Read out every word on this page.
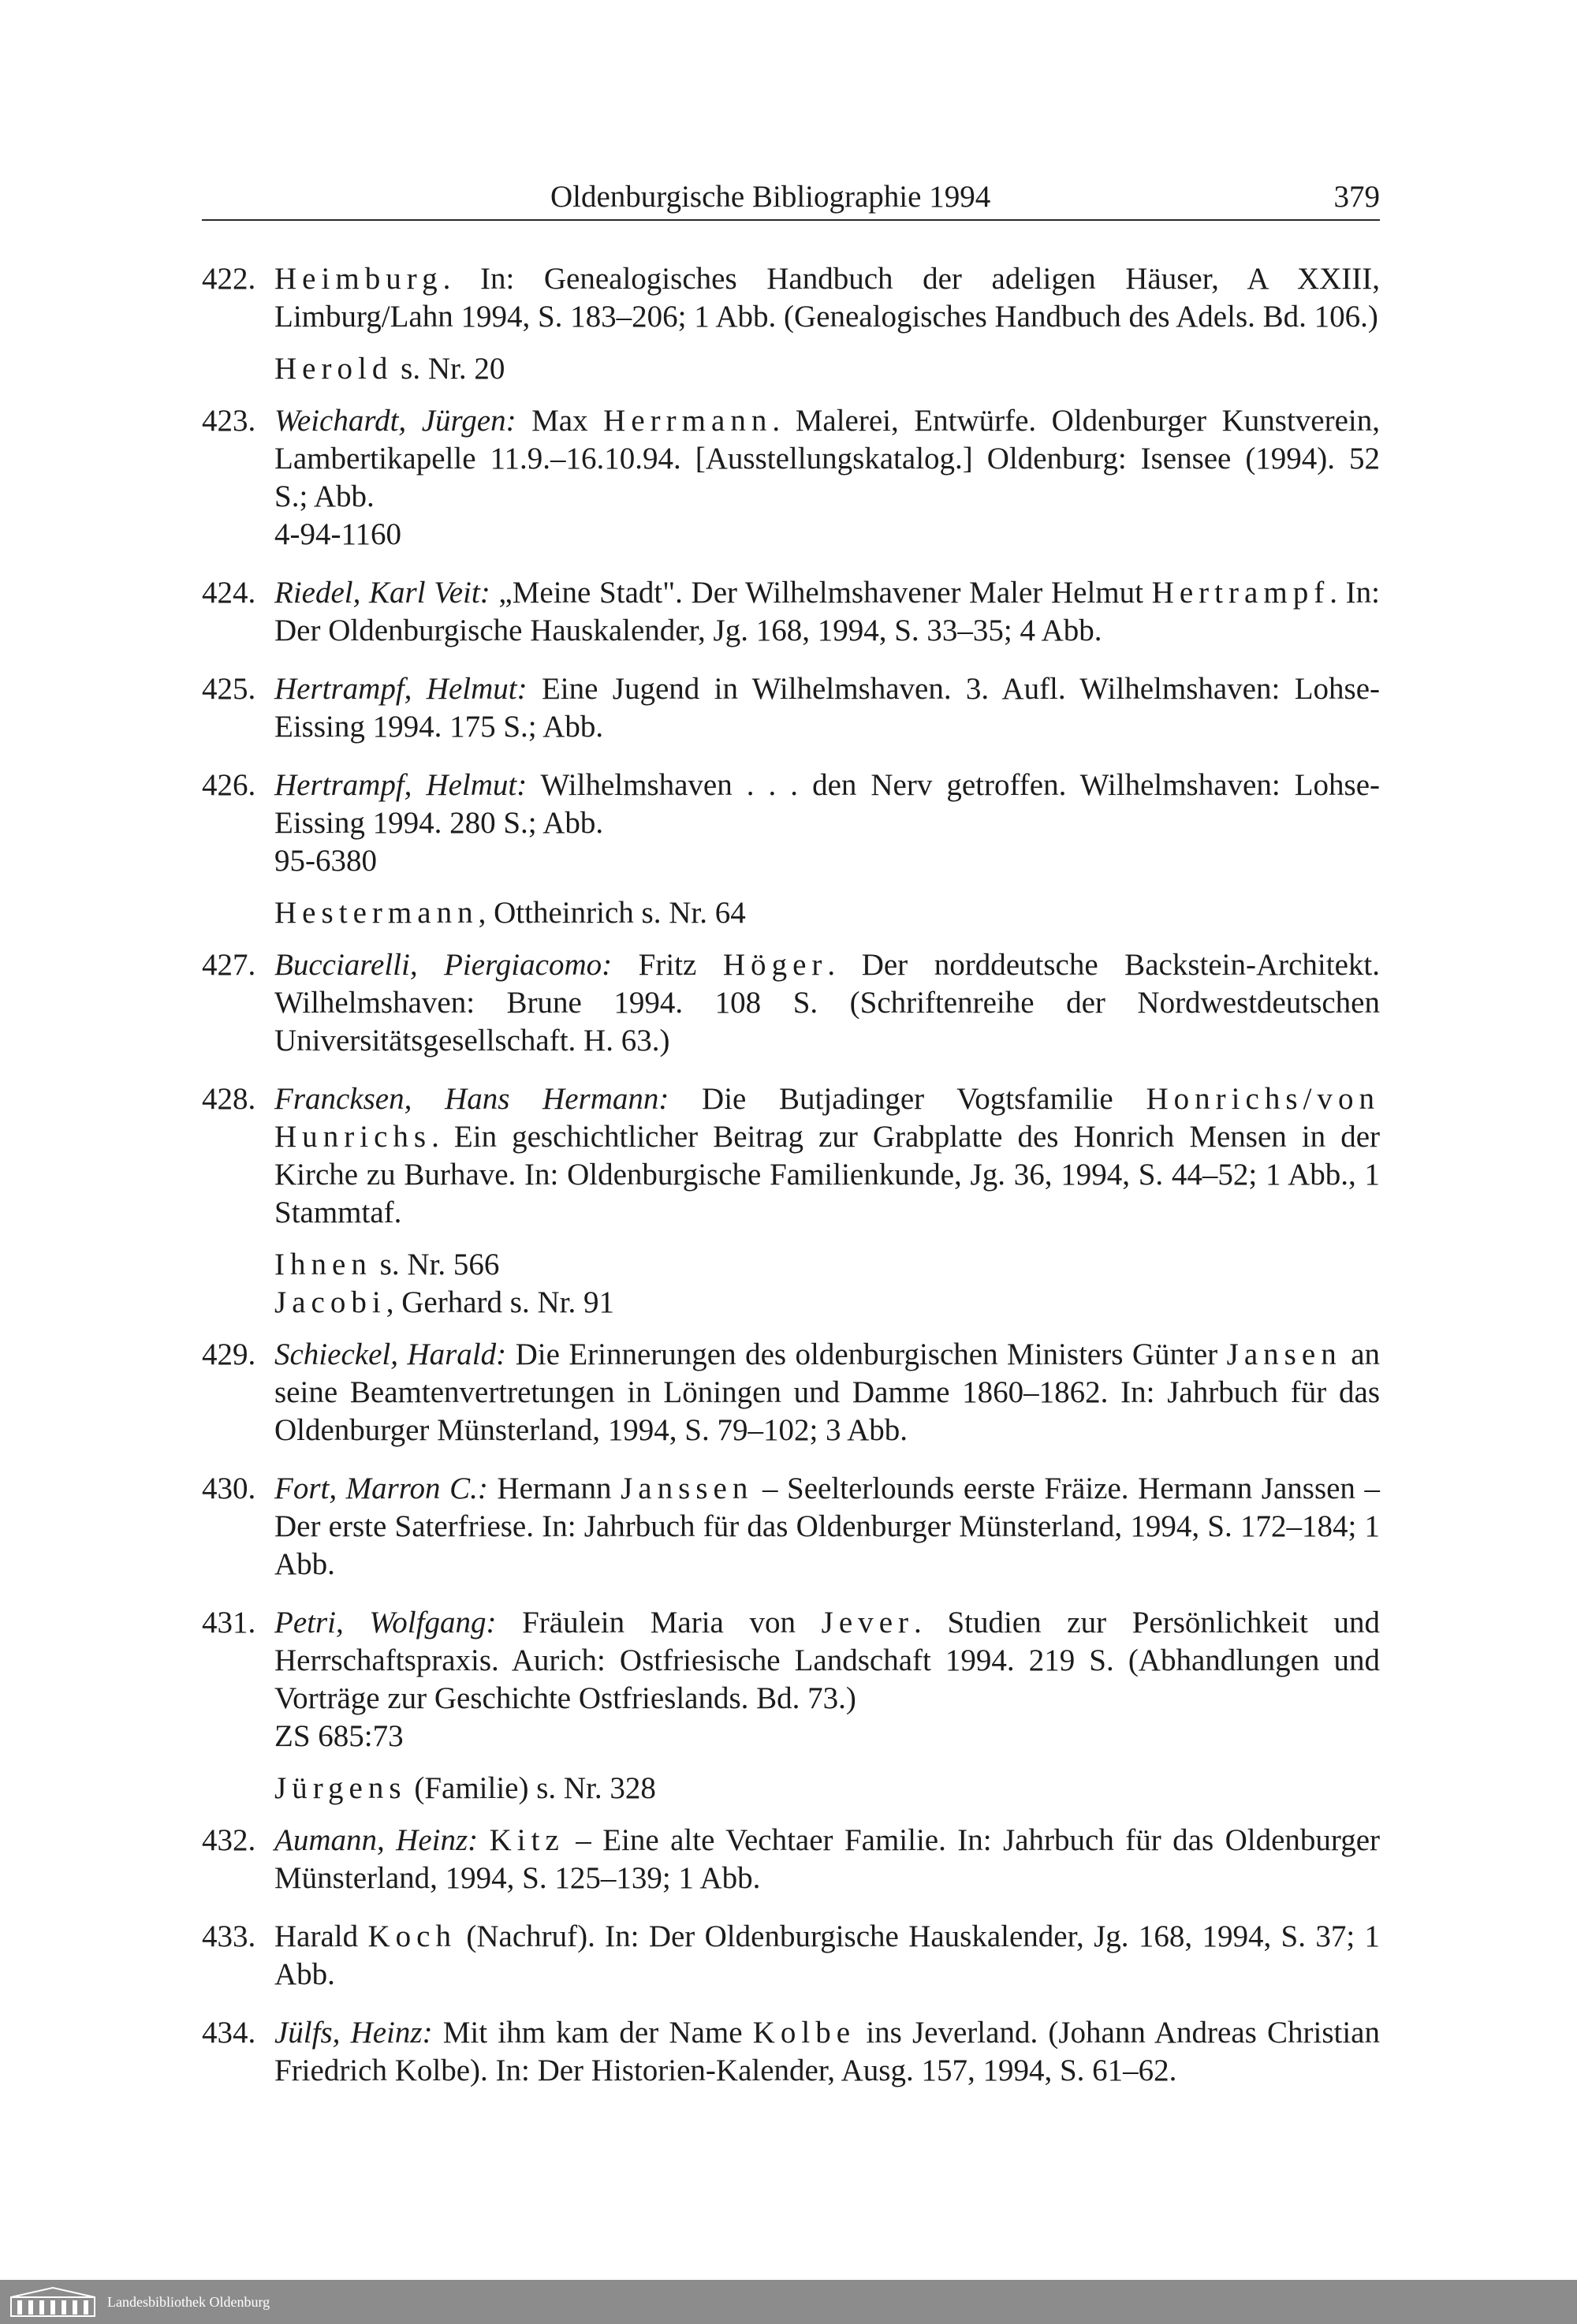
Oldenburgische Bibliographie 1994	379
422. Heimburg. In: Genealogisches Handbuch der adeligen Häuser, A XXIII, Limburg/Lahn 1994, S. 183–206; 1 Abb. (Genealogisches Handbuch des Adels. Bd. 106.)
Herold s. Nr. 20
423. Weichardt, Jürgen: Max Herrmann. Malerei, Entwürfe. Oldenburger Kunstverein, Lambertikapelle 11.9.–16.10.94. [Ausstellungskatalog.] Oldenburg: Isensee (1994). 52 S.; Abb.
4-94-1160
424. Riedel, Karl Veit: „Meine Stadt". Der Wilhelmshavener Maler Helmut Hertrampf. In: Der Oldenburgische Hauskalender, Jg. 168, 1994, S. 33–35; 4 Abb.
425. Hertrampf, Helmut: Eine Jugend in Wilhelmshaven. 3. Aufl. Wilhelmshaven: Lohse-Eissing 1994. 175 S.; Abb.
426. Hertrampf, Helmut: Wilhelmshaven . . . den Nerv getroffen. Wilhelmshaven: Lohse-Eissing 1994. 280 S.; Abb.
95-6380
Hestermann, Ottheinrich s. Nr. 64
427. Bucciarelli, Piergiacomo: Fritz Höger. Der norddeutsche Backstein-Architekt. Wilhelmshaven: Brune 1994. 108 S. (Schriftenreihe der Nordwestdeutschen Universitätsgesellschaft. H. 63.)
428. Francksen, Hans Hermann: Die Butjadinger Vogtsfamilie Honrichs/von Hunrichs. Ein geschichtlicher Beitrag zur Grabplatte des Honrich Mensen in der Kirche zu Burhave. In: Oldenburgische Familienkunde, Jg. 36, 1994, S. 44–52; 1 Abb., 1 Stammtaf.
Ihnen s. Nr. 566
Jacobi, Gerhard s. Nr. 91
429. Schieckel, Harald: Die Erinnerungen des oldenburgischen Ministers Günter Jansen an seine Beamtenvertretungen in Löningen und Damme 1860–1862. In: Jahrbuch für das Oldenburger Münsterland, 1994, S. 79–102; 3 Abb.
430. Fort, Marron C.: Hermann Janssen – Seelterlounds eerste Fräize. Hermann Janssen – Der erste Saterfriese. In: Jahrbuch für das Oldenburger Münsterland, 1994, S. 172–184; 1 Abb.
431. Petri, Wolfgang: Fräulein Maria von Jever. Studien zur Persönlichkeit und Herrschaftspraxis. Aurich: Ostfriesische Landschaft 1994. 219 S. (Abhandlungen und Vorträge zur Geschichte Ostfrieslands. Bd. 73.)
ZS 685:73
Jürgens (Familie) s. Nr. 328
432. Aumann, Heinz: Kitz – Eine alte Vechtaer Familie. In: Jahrbuch für das Oldenburger Münsterland, 1994, S. 125–139; 1 Abb.
433. Harald Koch (Nachruf). In: Der Oldenburgische Hauskalender, Jg. 168, 1994, S. 37; 1 Abb.
434. Jülfs, Heinz: Mit ihm kam der Name Kolbe ins Jeverland. (Johann Andreas Christian Friedrich Kolbe). In: Der Historien-Kalender, Ausg. 157, 1994, S. 61–62.
Landesbibliothek Oldenburg
